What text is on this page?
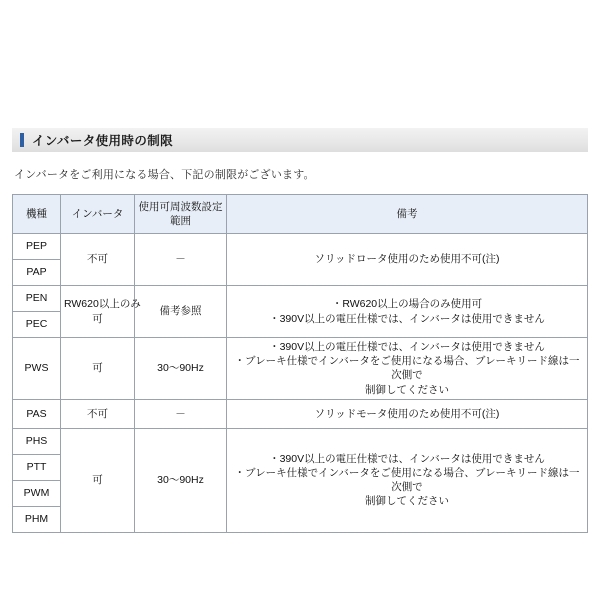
インバータ使用時の制限

インバータをご利用になる場合、下記の制限がございます。

機種	インバータ	使用可周波数設定 範囲	備考
PEP	不可	－	ソリッドロータ使用のため使用不可(注)

PAP			
PEN	RW620以上のみ 可	備考参照	・RW620以上の場合のみ使用可
・390V以上の電圧仕様では、インバータは使用できません

PEC			
PWS	可	30～90Hz	・390V以上の電圧仕様では、インバータは使用できません
・ブレーキ仕様でインバータをご使用になる場合、ブレーキリード線は一次側で
制御してください

PAS	不可	－	ソリッドモータ使用のため使用不可(注)

PHS	可	30～90Hz	・390V以上の電圧仕様では、インバータは使用できません
・ブレーキ仕様でインバータをご使用になる場合、ブレーキリード線は一次側で
制御してください

PTT			
PWM			
PHM			
